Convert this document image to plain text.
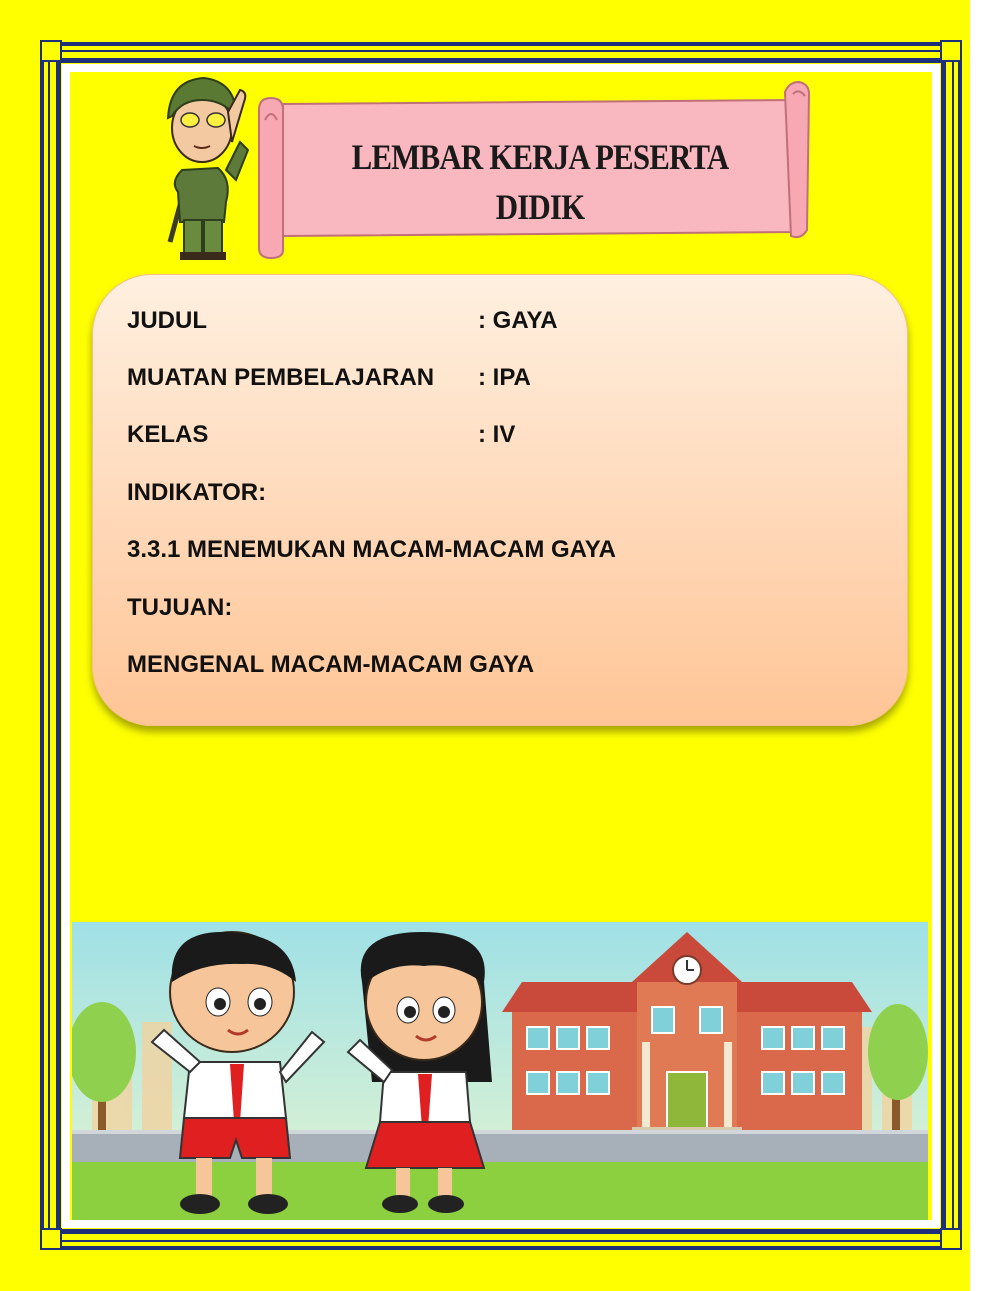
LEMBAR KERJA PESERTA DIDIK
JUDUL	: GAYA
MUATAN PEMBELAJARAN : IPA
KELAS	: IV
INDIKATOR:
3.3.1 MENEMUKAN MACAM-MACAM GAYA
TUJUAN:
MENGENAL MACAM-MACAM GAYA
